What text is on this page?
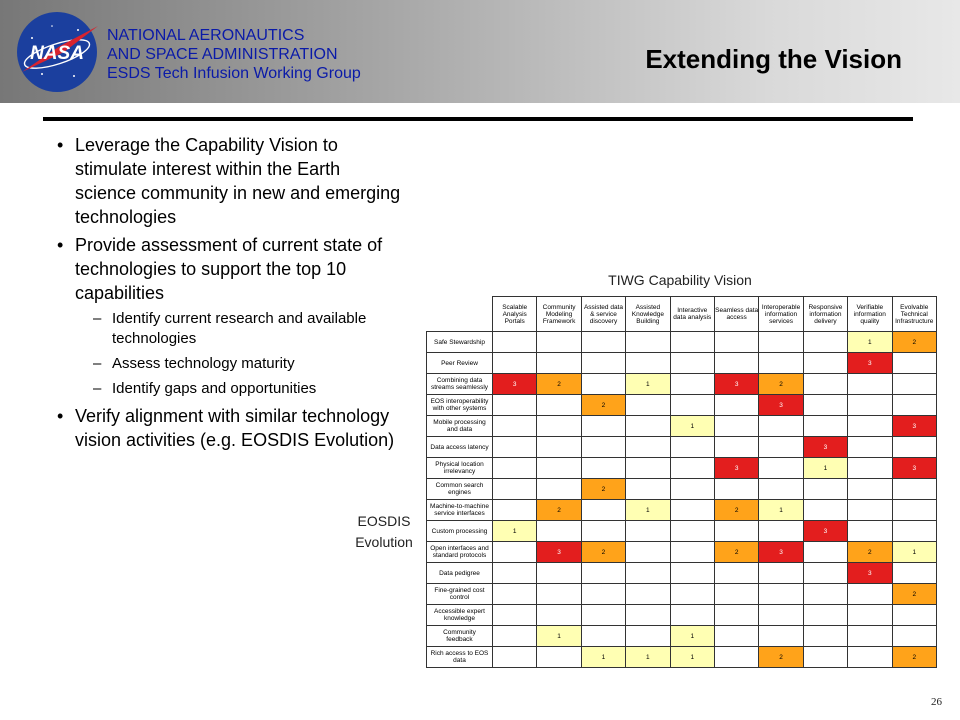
NASA
NATIONAL AERONAUTICS
AND SPACE ADMINISTRATION
ESDS Tech Infusion Working Group	Extending the Vision
• Leverage the Capability Vision to stimulate interest within the Earth science community in new and emerging technologies
• Provide assessment of current state of technologies to support the top 10 capabilities
– Identify current research and available technologies
– Assess technology maturity
– Identify gaps and opportunities
• Verify alignment with similar technology vision activities (e.g. EOSDIS Evolution)
TIWG Capability Vision
EOSDIS
Evolution
	Scalable Analysis Portals	Community Modeling Framework	Assisted data & service discovery	Assisted Knowledge Building	Interactive data analysis	Seamless data access	Interoperable information services	Responsive information delivery	Verifiable information quality	Evolvable Technical Infrastructure
Safe Stewardship									1	2
Peer Review									3	
Combining data streams seamlessly	3	2		1		3	2			
EOS interoperability with other systems			2				3			
Mobile processing and data					1					3
Data access latency								3		
Physical location irrelevancy						3		1		3
Common search engines			2							
Machine-to-machine service interfaces		2		1		2	1			
Custom processing	1							3		
Open interfaces and standard protocols		3	2			2	3		2	1
Data pedigree									3	
Fine-grained cost control										2
Accessible expert knowledge										
Community feedback		1			1					
Rich access to EOS data			1	1	1		2			2
26
